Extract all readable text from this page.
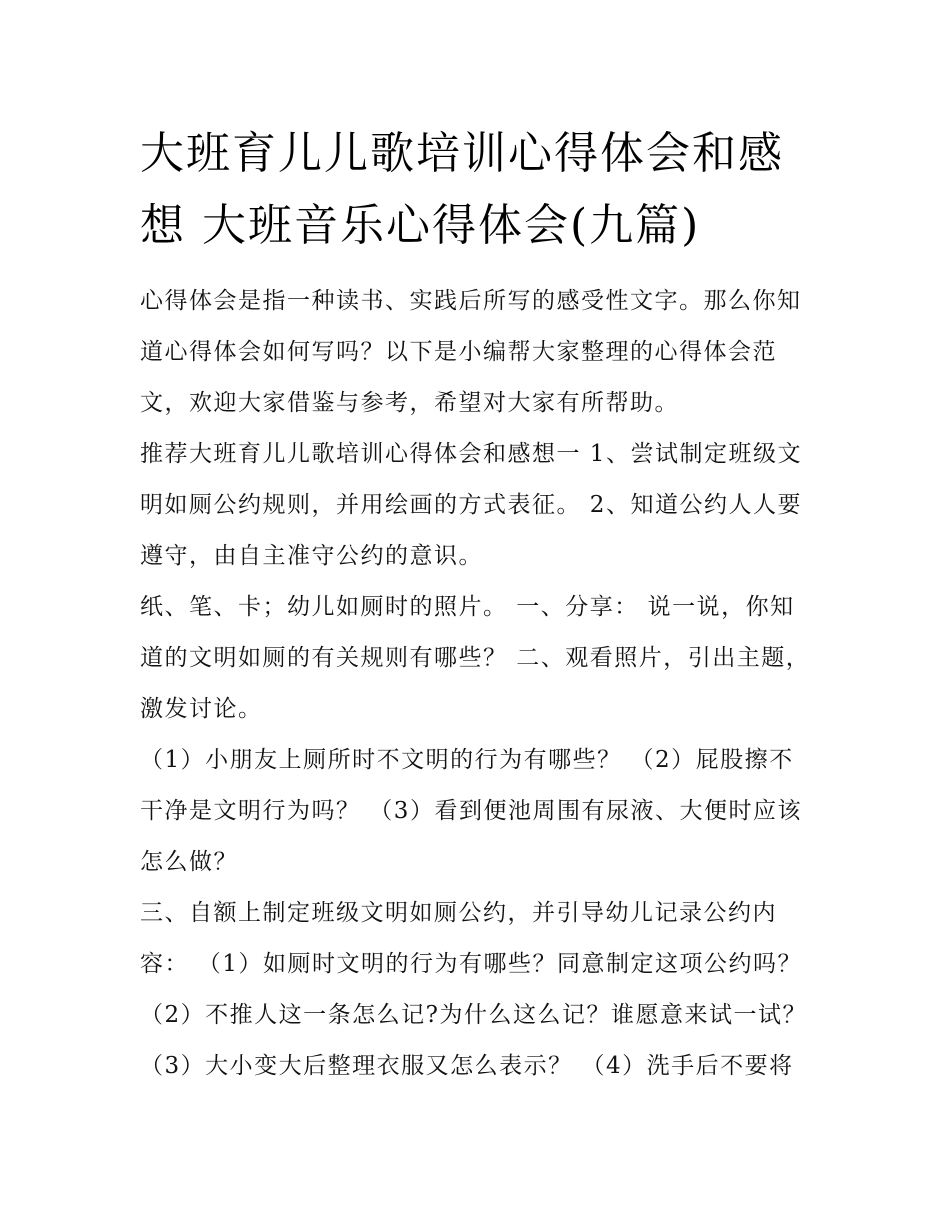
大班育儿儿歌培训心得体会和感想 大班音乐心得体会(九篇)

心得体会是指一种读书、实践后所写的感受性文字。那么你知道心得体会如何写吗？以下是小编帮大家整理的心得体会范文，欢迎大家借鉴与参考，希望对大家有所帮助。

推荐大班育儿儿歌培训心得体会和感想一 1、尝试制定班级文明如厕公约规则，并用绘画的方式表征。 2、知道公约人人要遵守，由自主准守公约的意识。

纸、笔、卡；幼儿如厕时的照片。 一、分享： 说一说，你知道的文明如厕的有关规则有哪些？ 二、观看照片，引出主题，激发讨论。

（1）小朋友上厕所时不文明的行为有哪些？ （2）屁股擦不干净是文明行为吗？ （3）看到便池周围有尿液、大便时应该怎么做？

三、自额上制定班级文明如厕公约，并引导幼儿记录公约内容： （1）如厕时文明的行为有哪些？同意制定这项公约吗？ （2）不推人这一条怎么记?为什么这么记？谁愿意来试一试？ （3）大小变大后整理衣服又怎么表示？ （4）洗手后不要将
